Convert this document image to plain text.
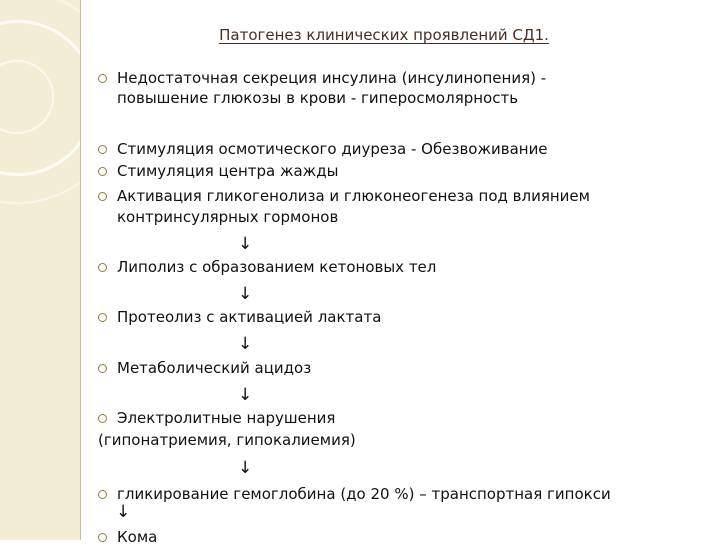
Патогенез клинических проявлений СД1.
Недостаточная секреция инсулина (инсулинопения) -
повышение глюкозы в крови - гиперосмолярность
Стимуляция осмотического диуреза - Обезвоживание
Стимуляция центра жажды
Активация гликогенолиза и глюконеогенеза под влиянием
контринсулярных гормонов
↓
Липолиз с образованием кетоновых тел
↓
Протеолиз с активацией лактата
↓
Метаболический ацидоз
↓
Электролитные нарушения
(гипонатриемия, гипокалиемия)
↓
гликирование гемоглобина (до 20 %) – транспортная гипокси
↓
Кома
